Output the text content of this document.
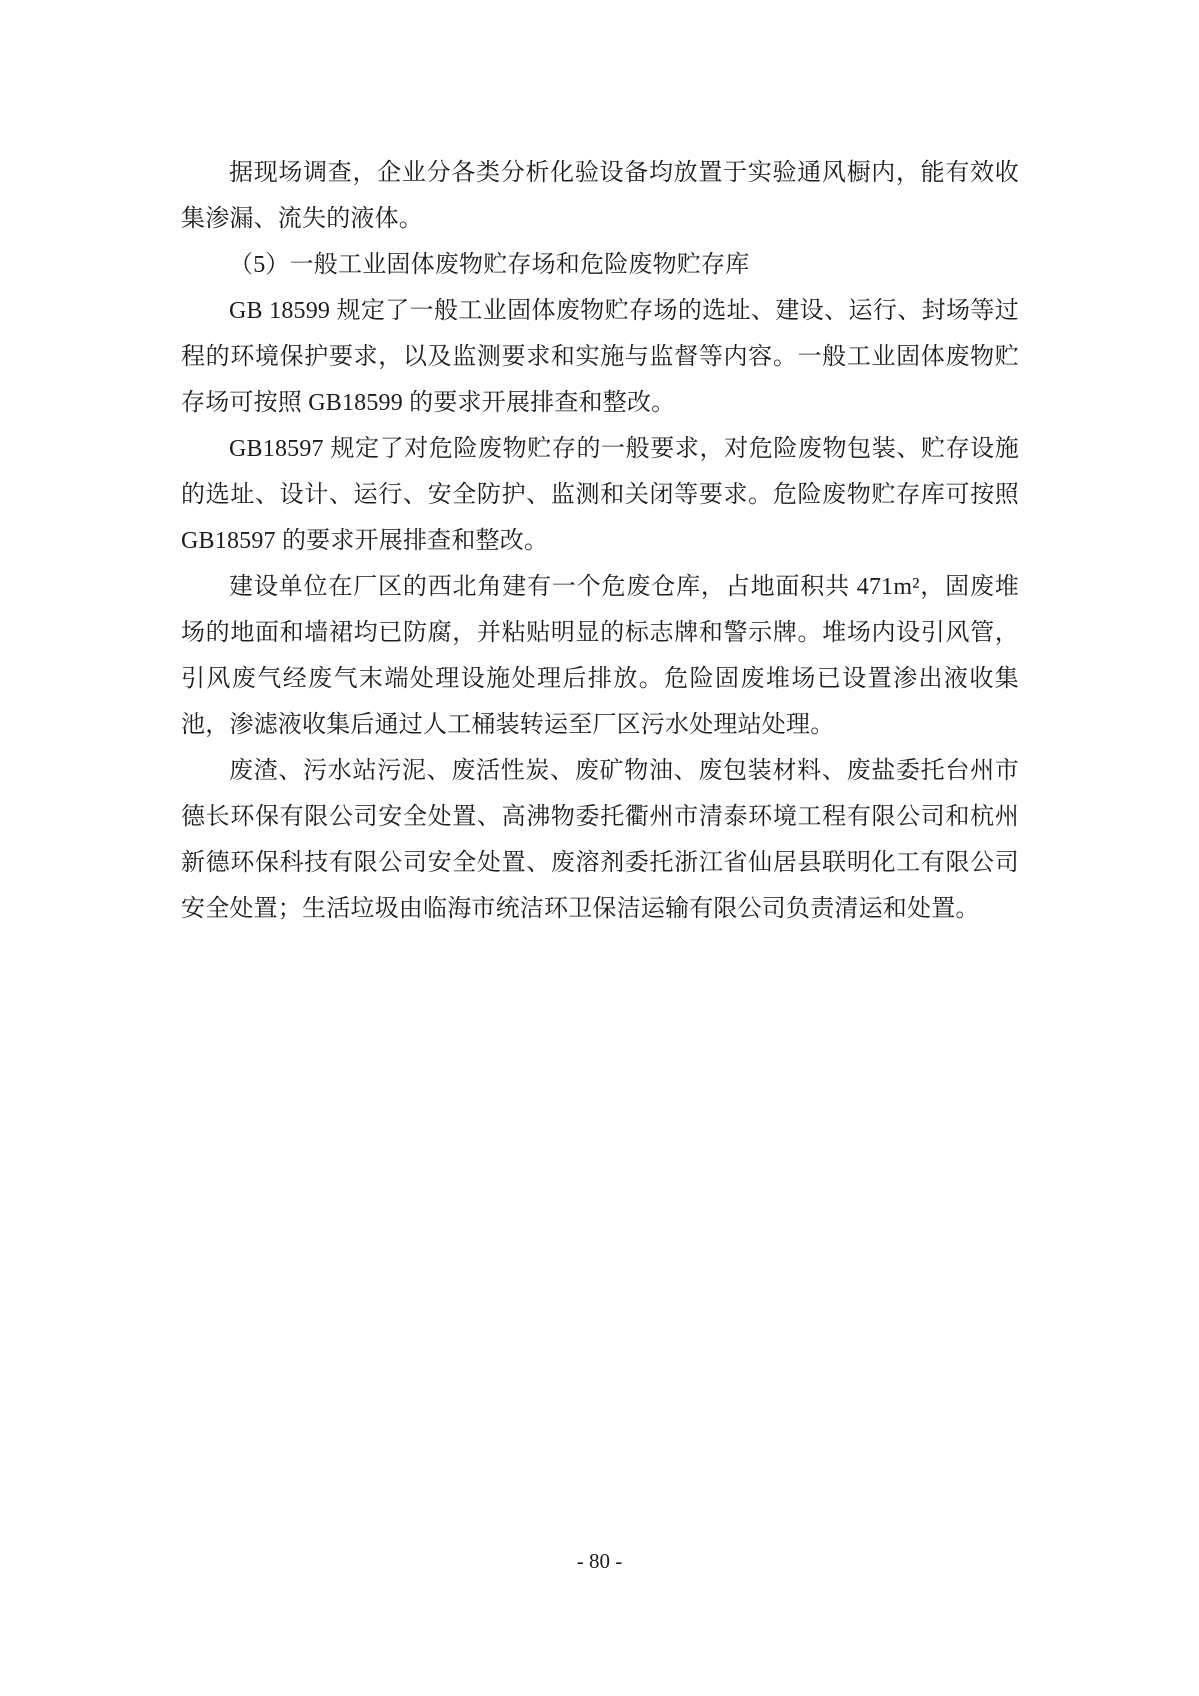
据现场调查，企业分各类分析化验设备均放置于实验通风橱内，能有效收集渗漏、流失的液体。

（5）一般工业固体废物贮存场和危险废物贮存库

GB 18599 规定了一般工业固体废物贮存场的选址、建设、运行、封场等过程的环境保护要求，以及监测要求和实施与监督等内容。一般工业固体废物贮存场可按照 GB18599 的要求开展排查和整改。

GB18597 规定了对危险废物贮存的一般要求，对危险废物包装、贮存设施的选址、设计、运行、安全防护、监测和关闭等要求。危险废物贮存库可按照 GB18597 的要求开展排查和整改。

建设单位在厂区的西北角建有一个危废仓库，占地面积共 471m²，固废堆场的地面和墙裙均已防腐，并粘贴明显的标志牌和警示牌。堆场内设引风管，引风废气经废气末端处理设施处理后排放。危险固废堆场已设置渗出液收集池，渗滤液收集后通过人工桶装转运至厂区污水处理站处理。

废渣、污水站污泥、废活性炭、废矿物油、废包装材料、废盐委托台州市德长环保有限公司安全处置、高沸物委托衢州市清泰环境工程有限公司和杭州新德环保科技有限公司安全处置、废溶剂委托浙江省仙居县联明化工有限公司安全处置；生活垃圾由临海市统洁环卫保洁运输有限公司负责清运和处置。

- 80 -
